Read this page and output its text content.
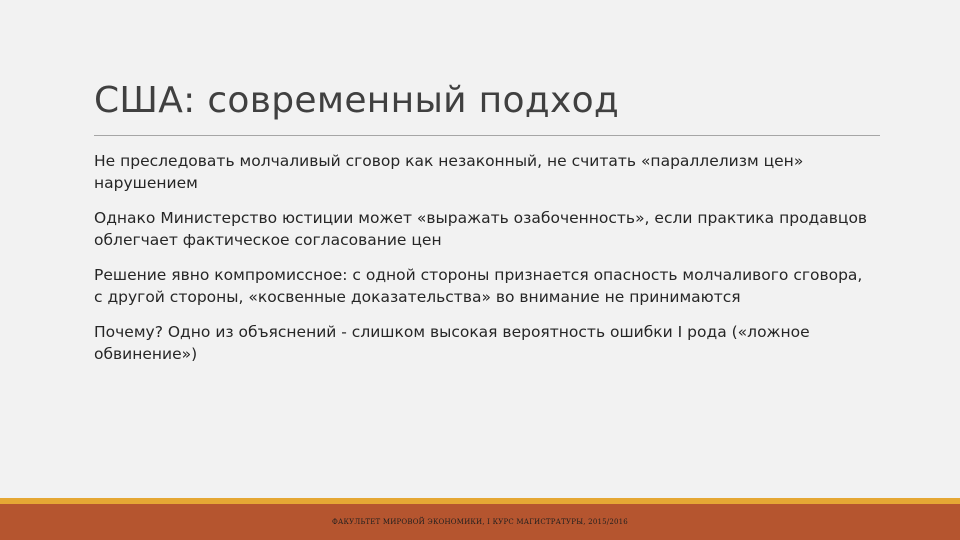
США: современный подход

Не преследовать молчаливый сговор как незаконный, не считать «параллелизм цен» нарушением

Однако Министерство юстиции может «выражать озабоченность», если практика продавцов облегчает фактическое согласование цен

Решение явно компромиссное: с одной стороны признается опасность молчаливого сговора, с другой стороны, «косвенные доказательства» во внимание не принимаются

Почему? Одно из объяснений - слишком высокая вероятность ошибки I рода («ложное обвинение»)

ФАКУЛЬТЕТ МИРОВОЙ ЭКОНОМИКИ, I КУРС МАГИСТРАТУРЫ, 2015/2016
